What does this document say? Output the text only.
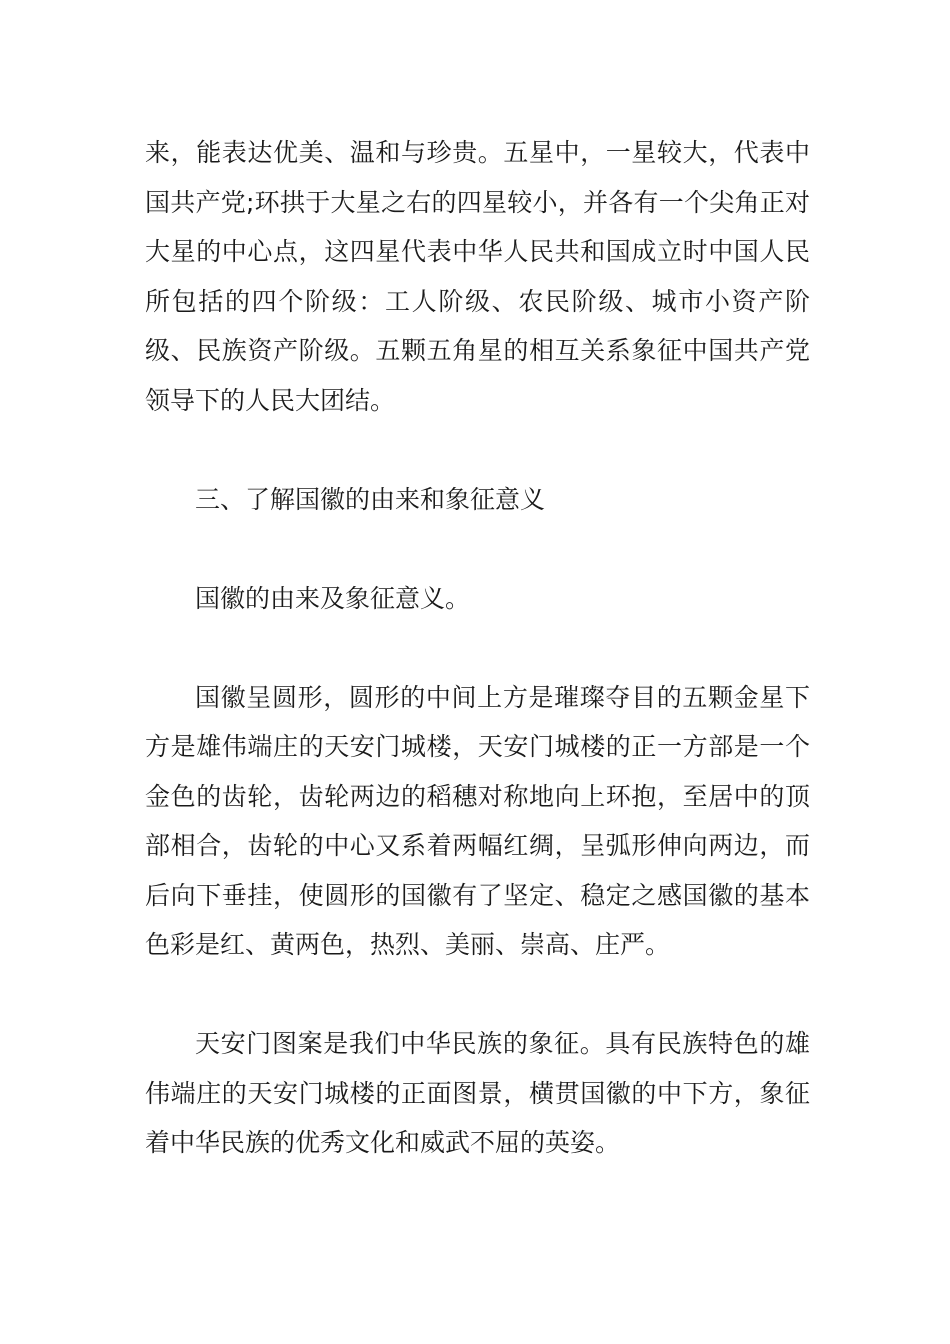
来，能表达优美、温和与珍贵。五星中，一星较大，代表中国共产党;环拱于大星之右的四星较小，并各有一个尖角正对大星的中心点，这四星代表中华人民共和国成立时中国人民所包括的四个阶级：工人阶级、农民阶级、城市小资产阶级、民族资产阶级。五颗五角星的相互关系象征中国共产党领导下的人民大团结。

三、了解国徽的由来和象征意义

国徽的由来及象征意义。

国徽呈圆形，圆形的中间上方是璀璨夺目的五颗金星下方是雄伟端庄的天安门城楼，天安门城楼的正一方部是一个金色的齿轮，齿轮两边的稻穗对称地向上环抱，至居中的顶部相合，齿轮的中心又系着两幅红绸，呈弧形伸向两边，而后向下垂挂，使圆形的国徽有了坚定、稳定之感国徽的基本色彩是红、黄两色，热烈、美丽、崇高、庄严。

天安门图案是我们中华民族的象征。具有民族特色的雄伟端庄的天安门城楼的正面图景，横贯国徽的中下方，象征着中华民族的优秀文化和威武不屈的英姿。
